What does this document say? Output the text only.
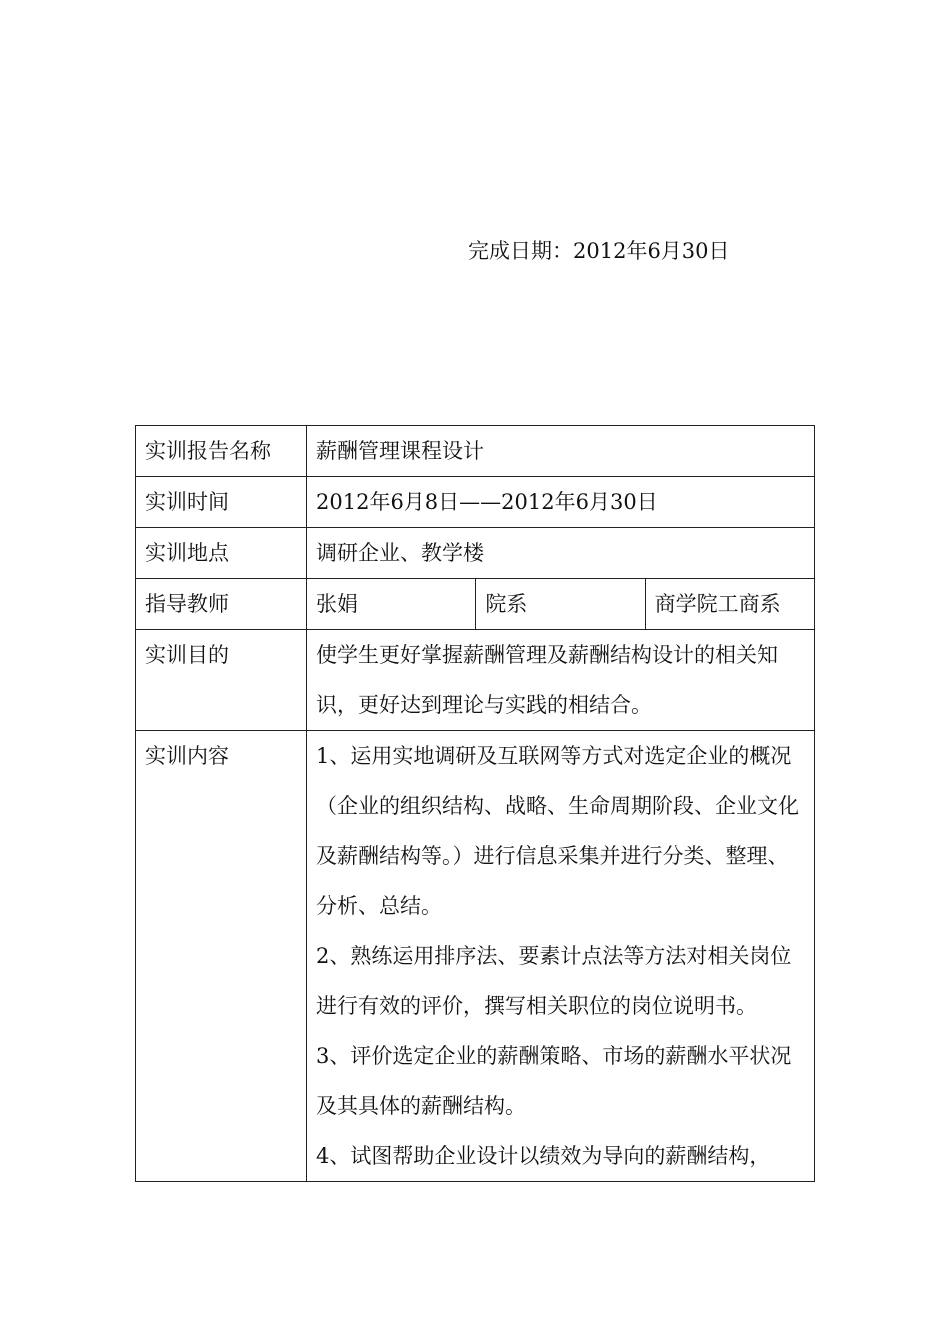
完成日期：2012年6月30日
实训报告名称	薪酬管理课程设计		
实训时间	2012年6月8日——2012年6月30日		
实训地点	调研企业、教学楼		
指导教师	张娟	院系	商学院工商系
实训目的	使学生更好掌握薪酬管理及薪酬结构设计的相关知识，更好达到理论与实践的相结合。		
实训内容	1、运用实地调研及互联网等方式对选定企业的概况（企业的组织结构、战略、生命周期阶段、企业文化及薪酬结构等。）进行信息采集并进行分类、整理、分析、总结。

2、熟练运用排序法、要素计点法等方法对相关岗位进行有效的评价，撰写相关职位的岗位说明书。

3、评价选定企业的薪酬策略、市场的薪酬水平状况及其具体的薪酬结构。

4、试图帮助企业设计以绩效为导向的薪酬结构，		
